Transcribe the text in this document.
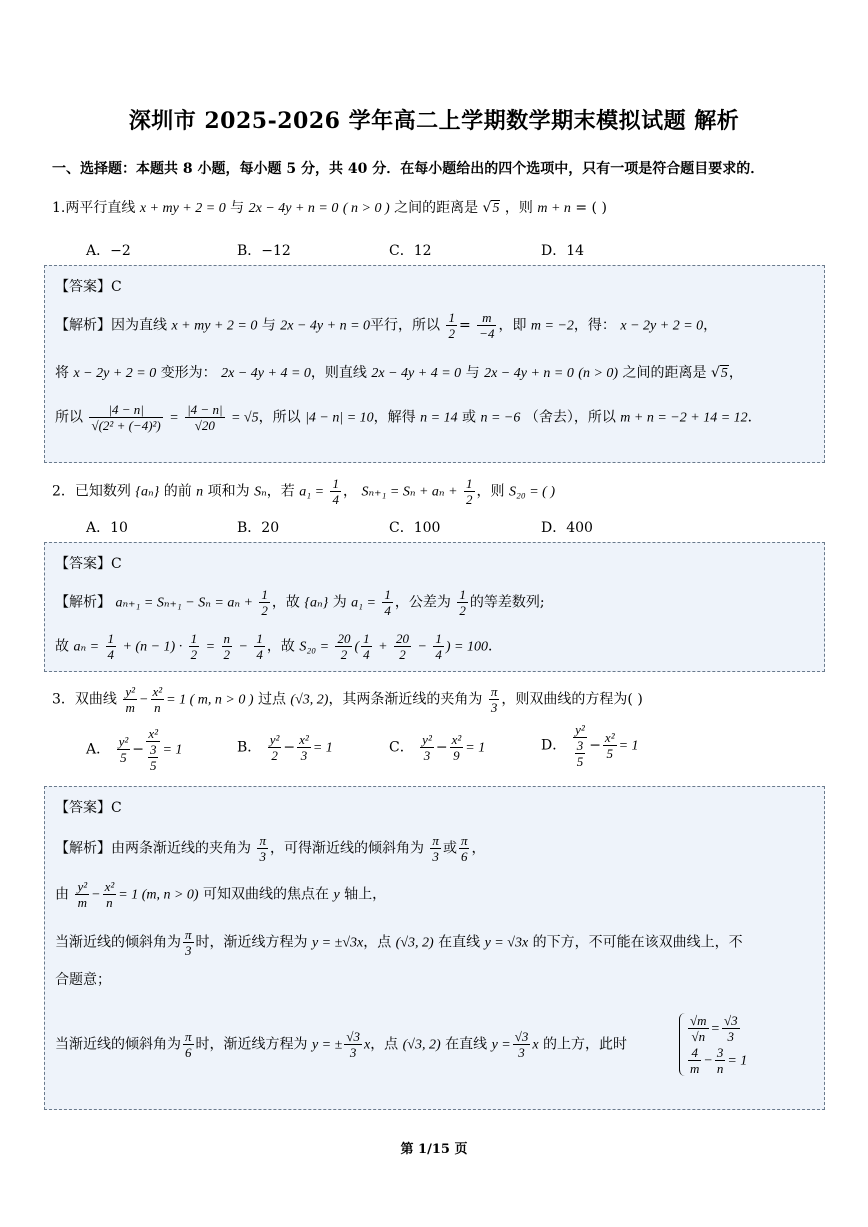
深圳市 2025-2026 学年高二上学期数学期末模拟试题 解析
一、选择题：本题共 8 小题，每小题 5 分，共 40 分．在每小题给出的四个选项中，只有一项是符合题目要求的．
1.两平行直线 x + my + 2 = 0 与 2x − 4y + n = 0 ( n > 0 ) 之间的距离是 √5 ，则 m + n = ( )
A．−2	B．−12	C．12	D．14
【答案】C
【解析】因为直线 x + my + 2 = 0 与 2x − 4y + n = 0平行，所以 $\frac{1}{2} = \frac{m}{-4}$ ，即 m = −2，得： x − 2y + 2 = 0，
将 x − 2y + 2 = 0 变形为： 2x − 4y + 4 = 0，则直线 2x − 4y + 4 = 0 与 2x − 4y + n = 0 (n > 0) 之间的距离是 √5，
所以 $\frac{|4 - n|}{\text{√(2² + (−4)²)}} = \frac{|4 - n|}{√20} = √5$，所以 |4 − n| = 10，解得 n = 14 或 n = −6 （舍去），所以 m + n = −2 + 14 = 12．
2．已知数列 {aₙ} 的前 n 项和为 Sₙ，若 $a_1 = \frac{1}{4}$ ， $S_{n+1} = S_n + a_n + \frac{1}{2}$ ，则 S₂₀ = ( )
A．10	B．20	C．100	D．400
【答案】C
【解析】 $a_{n+1} = S_{n+1} - S_n = a_n + \frac{1}{2}$ ，故 {aₙ} 为 $a_1 = \frac{1}{4}$ ，公差为 $\frac{1}{2}$ 的等差数列;
故 $a_n = \frac{1}{4} + (n - 1) \cdot \frac{1}{2} = \frac{n}{2} - \frac{1}{4}$ ，故 $S_{20} = \frac{20}{2}$ ( $\frac{1}{4} + \frac{20}{2} - \frac{1}{4}$ ) = 100．
3．双曲线 $\frac{\text{y²}}{m} - \frac{\text{x²}}{n} = 1$ ( m, n > 0 ) 过点 (√3, 2)，其两条渐近线的夹角为 $\frac{\pi}{3}$ ，则双曲线的方程为( )
A． $\frac{\text{y²}}{5} - \frac{\text{x²}}{\frac{3}{5}} = 1$	B． $\frac{\text{y²}}{2} - \frac{\text{x²}}{3} = 1$	C． $\frac{\text{y²}}{3} - \frac{\text{x²}}{9} = 1$	D． $\frac{\text{y²}}{\frac{3}{5}} - \frac{\text{x²}}{5} = 1$
【答案】C
【解析】由两条渐近线的夹角为 $\frac{\pi}{3}$ ，可得渐近线的倾斜角为 $\frac{\pi}{3}$ 或 $\frac{\pi}{6}$ ，
由 $\frac{\text{y²}}{m} - \frac{\text{x²}}{n} = 1$ (m, n > 0) 可知双曲线的焦点在 y 轴上，
当渐近线的倾斜角为 $\frac{\pi}{3}$ 时，渐近线方程为 y = ±√3x，点 (√3, 2) 在直线 y = √3x 的下方，不可能在该双曲线上，不
合题意；
当渐近线的倾斜角为 $\frac{\pi}{6}$ 时，渐近线方程为 y = ± $\frac{√3}{3}$ x，点 (√3, 2) 在直线 $y = \frac{√3}{3}$ x 的上方，此时
$\frac{√m}{√n} = \frac{√3}{3}$
$\frac{4}{m} - \frac{3}{n} = 1$
第 1/15 页
